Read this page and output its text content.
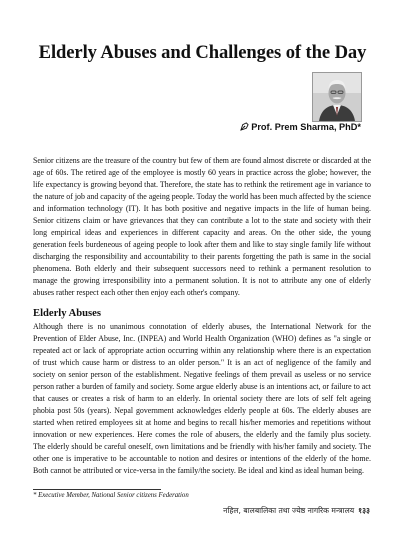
Elderly Abuses and Challenges of the Day
Prof. Prem Sharma, PhD*

Senior citizens are the treasure of the country but few of them are found almost discrete or discarded at the age of 60s. The retired age of the employee is mostly 60 years in practice across the globe; however, the life expectancy is growing beyond that. Therefore, the state has to rethink the retirement age in variance to the nature of job and capacity of the ageing people. Today the world has been much affected by the science and information technology (IT). It has both positive and negative impacts in the life of human being. Senior citizens claim or have grievances that they can contribute a lot to the state and society with their long empirical ideas and experiences in different capacity and areas. On the other side, the young generation feels burdeneous of ageing people to look after them and like to stay single family life without discharging the responsibility and accountability to their parents forgetting the path is same in the social phenomena. Both elderly and their subsequent successors need to rethink a permanent resolution to manage the growing irresponsibility into a permanent solution. It is not to attribute any one of elderly abuses rather respect each other then enjoy each other's company.

Elderly Abuses

Although there is no unanimous connotation of elderly abuses, the International Network for the Prevention of Elder Abuse, Inc. (INPEA) and World Health Organization (WHO) defines as "a single or repeated act or lack of appropriate action occurring within any relationship where there is an expectation of trust which cause harm or distress to an older person." It is an act of negligence of the family and society on senior person of the establishment. Negative feelings of them prevail as useless or no service person rather a burden of family and society. Some argue elderly abuse is an intentions act, or failure to act that causes or creates a risk of harm to an elderly. In oriental society there are lots of self felt ageing phobia post 50s (years). Nepal government acknowledges elderly people at 60s. The elderly abuses are started when retired employees sit at home and begins to recall his/her memories and repetitions without innovation or new experiences. Here comes the role of abusers, the elderly and the family plus society. The elderly should be careful oneself, own limitations and be friendly with his/her family and society. The other one is imperative to be accountable to notion and desires or intentions of the elderly of the home. Both cannot be attributed or vice-versa in the family/the society. Be ideal and kind as ideal human being.

* Executive Member, National Senior citizens Federation
नहिल, बालबालिका तथा ज्येष्ठ नागरिक मन्त्रालय १३३
